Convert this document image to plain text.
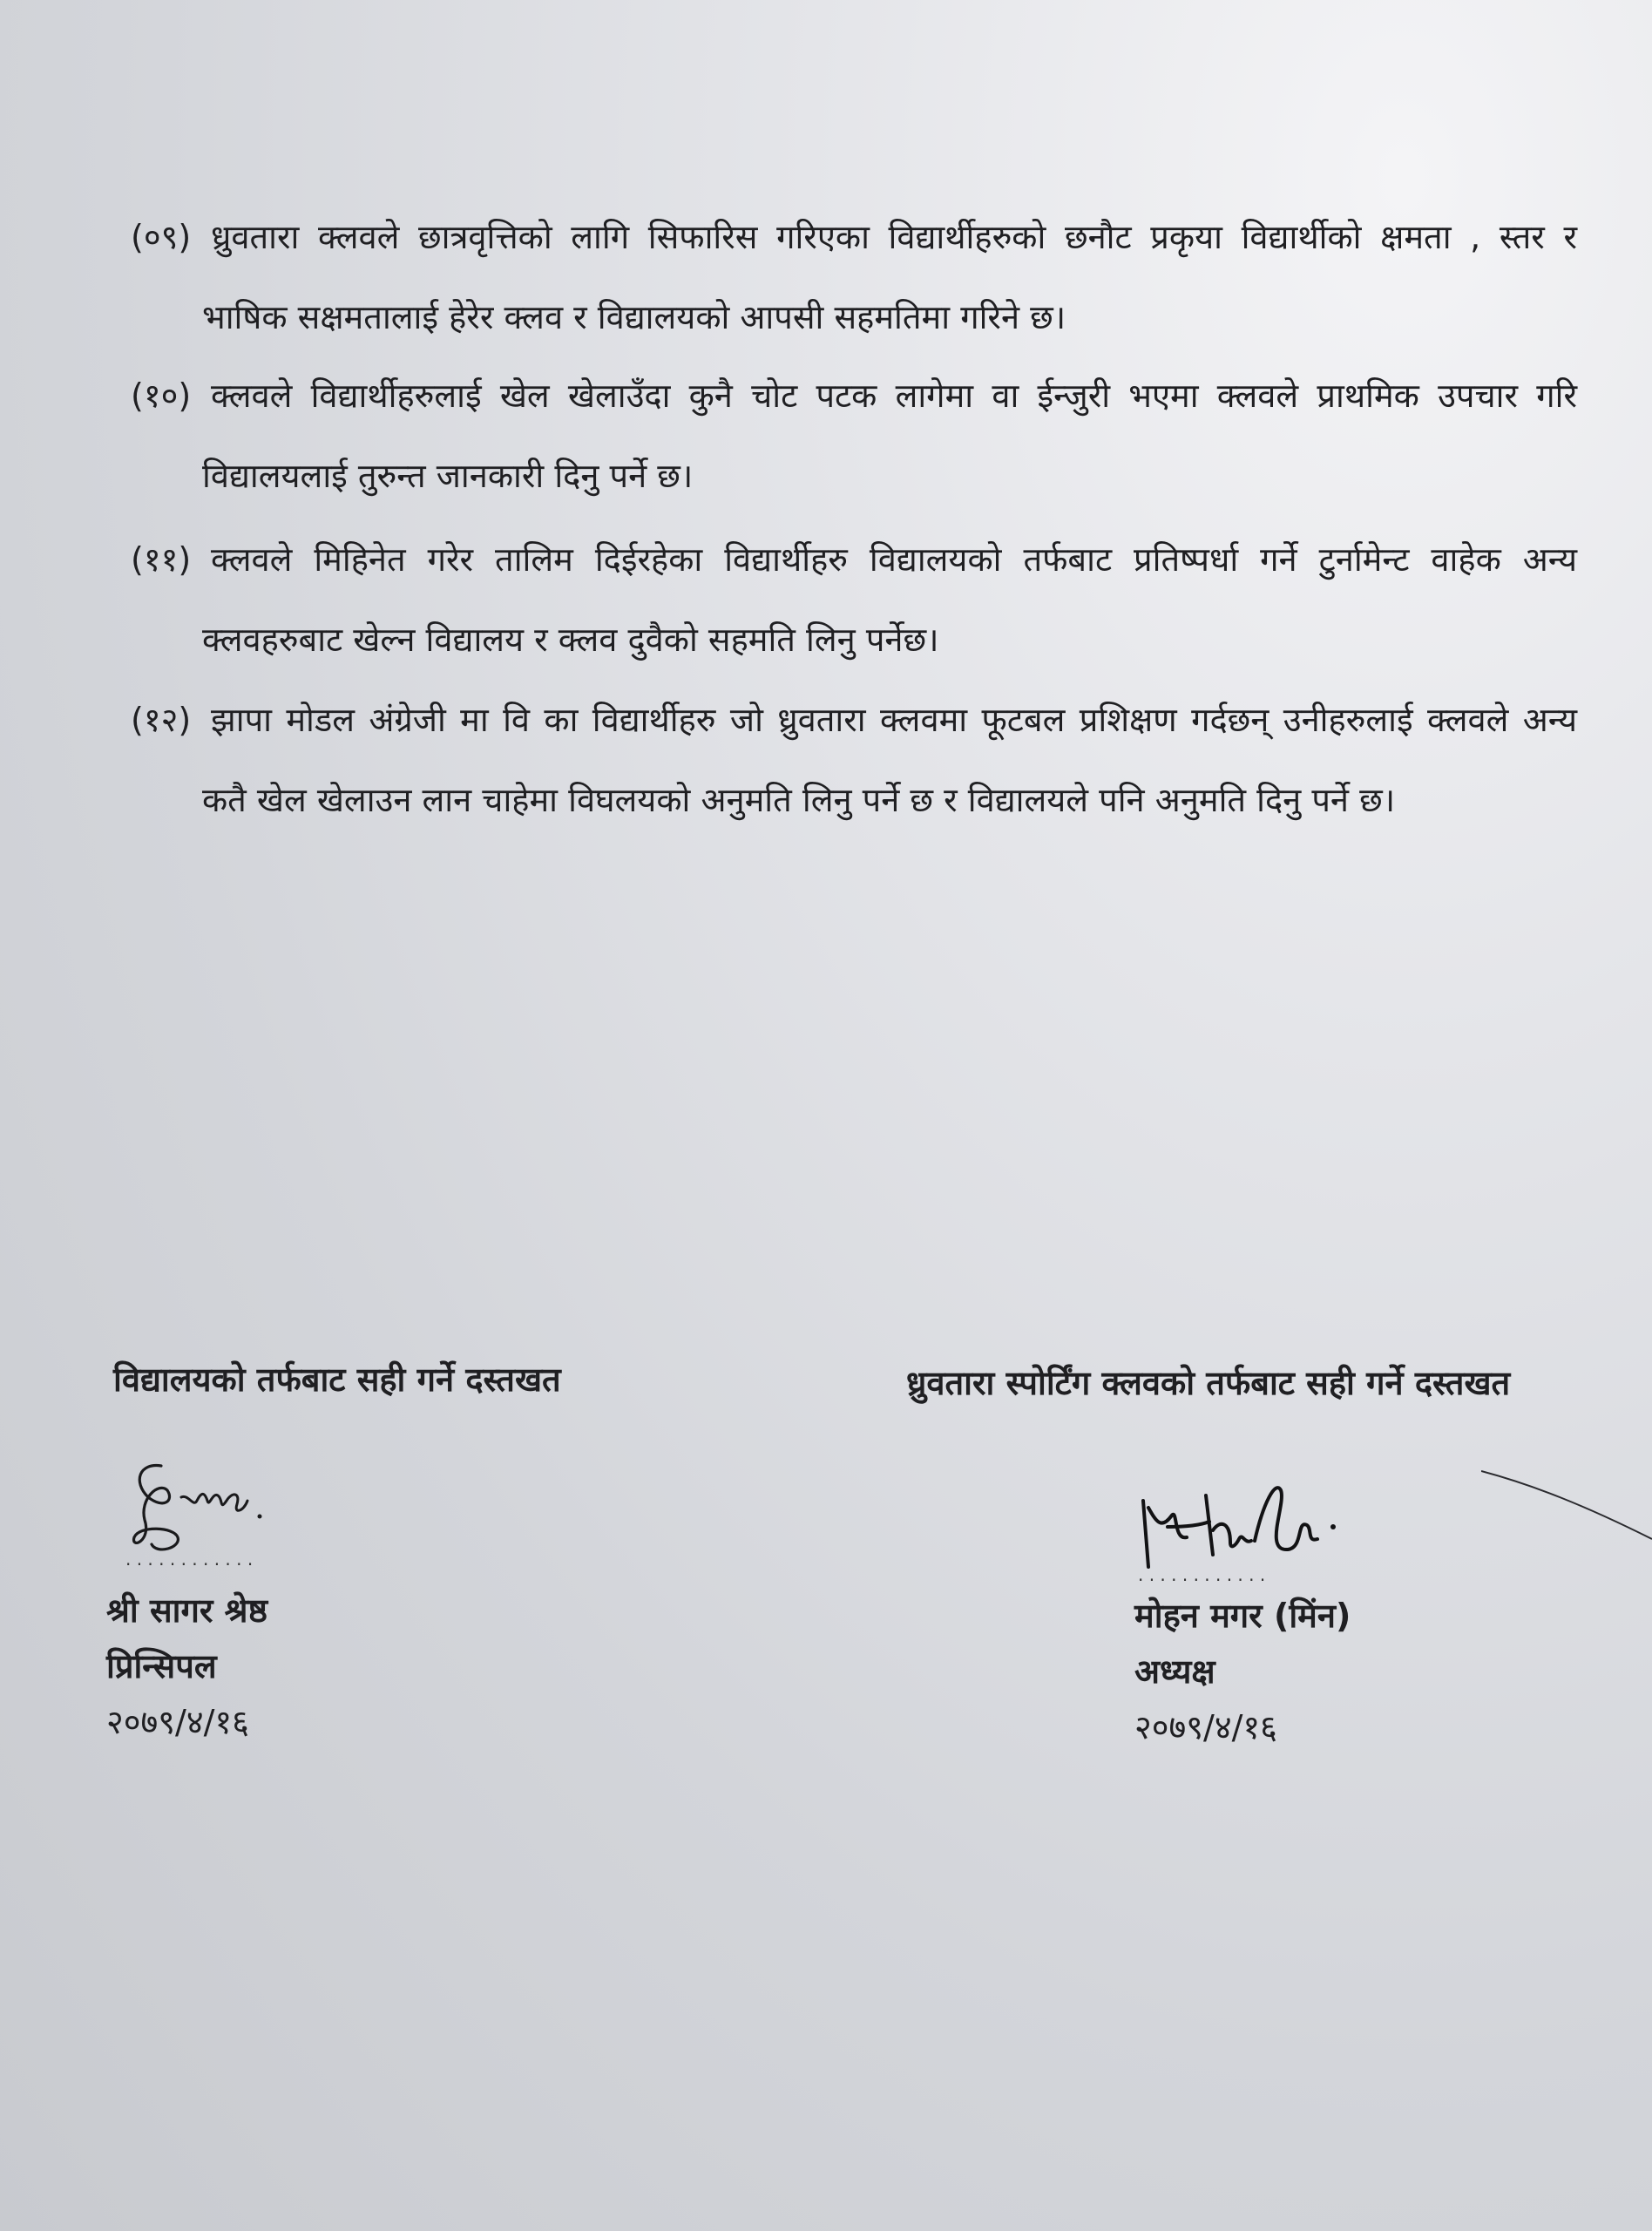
(०९) ध्रुवतारा क्लवले छात्रवृत्तिको लागि सिफारिस गरिएका विद्यार्थीहरुको छनौट प्रकृया विद्यार्थीको क्षमता , स्तर र
भाषिक सक्षमतालाई हेरेर क्लव र विद्यालयको आपसी सहमतिमा गरिने छ।
(१०) क्लवले विद्यार्थीहरुलाई खेल खेलाउँदा कुनै चोट पटक लागेमा वा ईन्जुरी भएमा क्लवले प्राथमिक उपचार गरि
विद्यालयलाई तुरुन्त जानकारी दिनु पर्ने छ।
(११) क्लवले मिहिनेत गरेर तालिम दिईरहेका विद्यार्थीहरु विद्यालयको तर्फबाट प्रतिष्पर्धा गर्ने टुर्नामेन्ट वाहेक अन्य
क्लवहरुबाट खेल्न विद्यालय र क्लव दुवैको सहमति लिनु पर्नेछ।
(१२) झापा मोडल अंग्रेजी मा वि का विद्यार्थीहरु जो ध्रुवतारा क्लवमा फूटबल प्रशिक्षण गर्दछन् उनीहरुलाई क्लवले अन्य
कतै खेल खेलाउन लान चाहेमा विघलयको अनुमति लिनु पर्ने छ र विद्यालयले पनि अनुमति दिनु पर्ने छ।
विद्यालयको तर्फबाट सही गर्ने दस्तखत	ध्रुवतारा स्पोर्टिंग क्लवको तर्फबाट सही गर्ने दस्तखत
. . . . . . . . . . . .
. . . . . . . . . . . .
श्री सागर श्रेष्ठ
प्रिन्सिपल
२०७९/४/१६
मोहन मगर (मिंन)
अध्यक्ष
२०७९/४/१६
